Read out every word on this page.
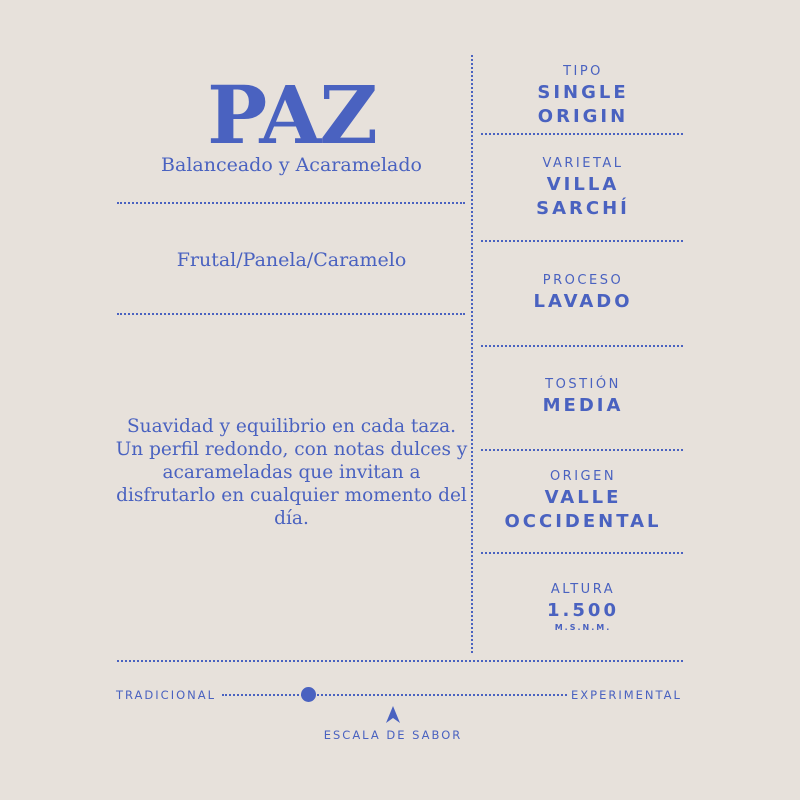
PAZ
Balanceado y Acaramelado
Frutal/Panela/Caramelo
Suavidad y equilibrio en cada taza. Un perfil redondo, con notas dulces y acarameladas que invitan a disfrutarlo en cualquier momento del día.
TIPO
SINGLE
ORIGIN
VARIETAL
VILLA
SARCHÍ
PROCESO
LAVADO
TOSTIÓN
MEDIA
ORIGEN
VALLE
OCCIDENTAL
ALTURA
1.500
M.S.N.M.
TRADICIONAL	EXPERIMENTAL
ESCALA DE SABOR
